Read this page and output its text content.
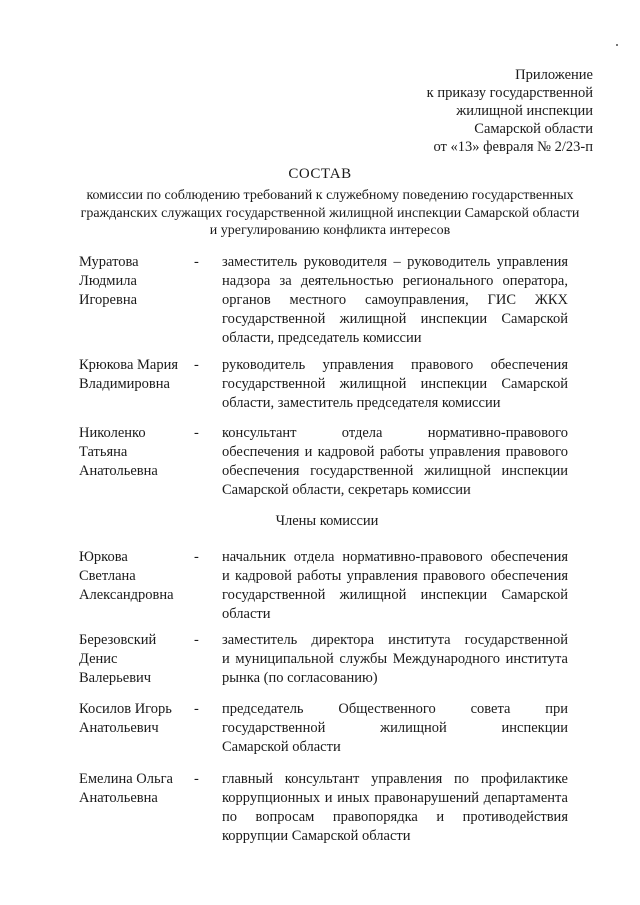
Приложение
к приказу государственной
жилищной инспекции
Самарской области
от «13» февраля № 2/23-п
СОСТАВ
комиссии по соблюдению требований к служебному поведению государственных
гражданских служащих государственной жилищной инспекции Самарской области
и урегулированию конфликта интересов
Муратова
Людмила
Игоревна
- заместитель руководителя – руководитель управления
надзора за деятельностью регионального оператора,
органов местного самоуправления, ГИС ЖКХ
государственной жилищной инспекции Самарской
области, председатель комиссии
Крюкова Мария
Владимировна
- руководитель управления правового обеспечения
государственной жилищной инспекции Самарской
области, заместитель председателя комиссии
Николенко
Татьяна
Анатольевна
- консультант отдела нормативно-правового
обеспечения и кадровой работы управления правового
обеспечения государственной жилищной инспекции
Самарской области, секретарь комиссии
Члены комиссии
Юркова
Светлана
Александровна
- начальник отдела нормативно-правового обеспечения
и кадровой работы управления правового обеспечения
государственной жилищной инспекции Самарской
области
Березовский
Денис
Валерьевич
- заместитель директора института государственной
и муниципальной службы Международного института
рынка (по согласованию)
Косилов Игорь
Анатольевич
- председатель Общественного совета при
государственной жилищной инспекции
Самарской области
Емелина Ольга
Анатольевна
- главный консультант управления по профилактике
коррупционных и иных правонарушений департамента
по вопросам правопорядка и противодействия
коррупции Самарской области
